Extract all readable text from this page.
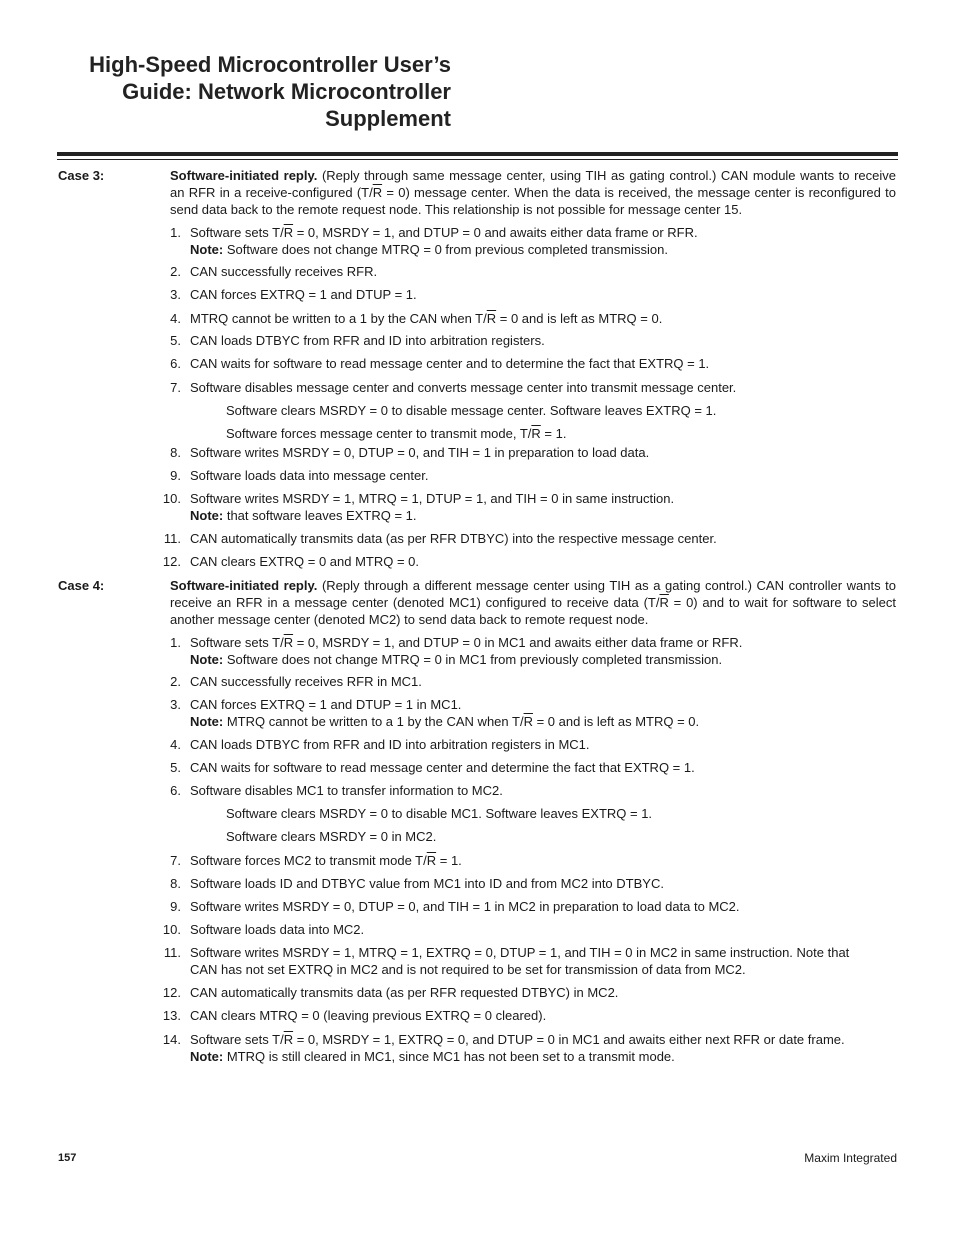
High-Speed Microcontroller User’s
Guide: Network Microcontroller
Supplement
Case 3:	Software-initiated reply. (Reply through same message center, using TIH as gating control.) CAN module wants to receive an RFR in a receive-configured $(T/\overline{R} = 0)$ message center. When the data is received, the message center is reconfigured to send data back to the remote request node. This relationship is not possible for message center 15.
1. Software sets $T/\overline{R} = 0$, MSRDY = 1, and DTUP = 0 and awaits either data frame or RFR.
Note: Software does not change MTRQ = 0 from previous completed transmission.
2. CAN successfully receives RFR.
3. CAN forces EXTRQ = 1 and DTUP = 1.
4. MTRQ cannot be written to a 1 by the CAN when $T/\overline{R} = 0$ and is left as MTRQ = 0.
5. CAN loads DTBYC from RFR and ID into arbitration registers.
6. CAN waits for software to read message center and to determine the fact that EXTRQ = 1.
7. Software disables message center and converts message center into transmit message center.
Software clears MSRDY = 0 to disable message center. Software leaves EXTRQ = 1.
Software forces message center to transmit mode, $T/\overline{R} = 1$.
8. Software writes MSRDY = 0, DTUP = 0, and TIH = 1 in preparation to load data.
9. Software loads data into message center.
10. Software writes MSRDY = 1, MTRQ = 1, DTUP = 1, and TIH = 0 in same instruction.
Note: that software leaves EXTRQ = 1.
11. CAN automatically transmits data (as per RFR DTBYC) into the respective message center.
12. CAN clears EXTRQ = 0 and MTRQ = 0.
Case 4:	Software-initiated reply. (Reply through a different message center using TIH as a gating control.) CAN controller wants to receive an RFR in a message center (denoted MC1) configured to receive data $(T/\overline{R} = 0)$ and to wait for software to select another message center (denoted MC2) to send data back to remote request node.
1. Software sets $T/\overline{R} = 0$, MSRDY = 1, and DTUP = 0 in MC1 and awaits either data frame or RFR.
Note: Software does not change MTRQ = 0 in MC1 from previously completed transmission.
2. CAN successfully receives RFR in MC1.
3. CAN forces EXTRQ = 1 and DTUP = 1 in MC1.
Note: MTRQ cannot be written to a 1 by the CAN when $T/\overline{R} = 0$ and is left as MTRQ = 0.
4. CAN loads DTBYC from RFR and ID into arbitration registers in MC1.
5. CAN waits for software to read message center and determine the fact that EXTRQ = 1.
6. Software disables MC1 to transfer information to MC2.
Software clears MSRDY = 0 to disable MC1. Software leaves EXTRQ = 1.
Software clears MSRDY = 0 in MC2.
7. Software forces MC2 to transmit mode $T/\overline{R} = 1$.
8. Software loads ID and DTBYC value from MC1 into ID and from MC2 into DTBYC.
9. Software writes MSRDY = 0, DTUP = 0, and TIH = 1 in MC2 in preparation to load data to MC2.
10. Software loads data into MC2.
11. Software writes MSRDY = 1, MTRQ = 1, EXTRQ = 0, DTUP = 1, and TIH = 0 in MC2 in same instruction. Note that
CAN has not set EXTRQ in MC2 and is not required to be set for transmission of data from MC2.
12. CAN automatically transmits data (as per RFR requested DTBYC) in MC2.
13. CAN clears MTRQ = 0 (leaving previous EXTRQ = 0 cleared).
14. Software sets $T/\overline{R} = 0$, MSRDY = 1, EXTRQ = 0, and DTUP = 0 in MC1 and awaits either next RFR or date frame.
Note: MTRQ is still cleared in MC1, since MC1 has not been set to a transmit mode.
157	Maxim Integrated
